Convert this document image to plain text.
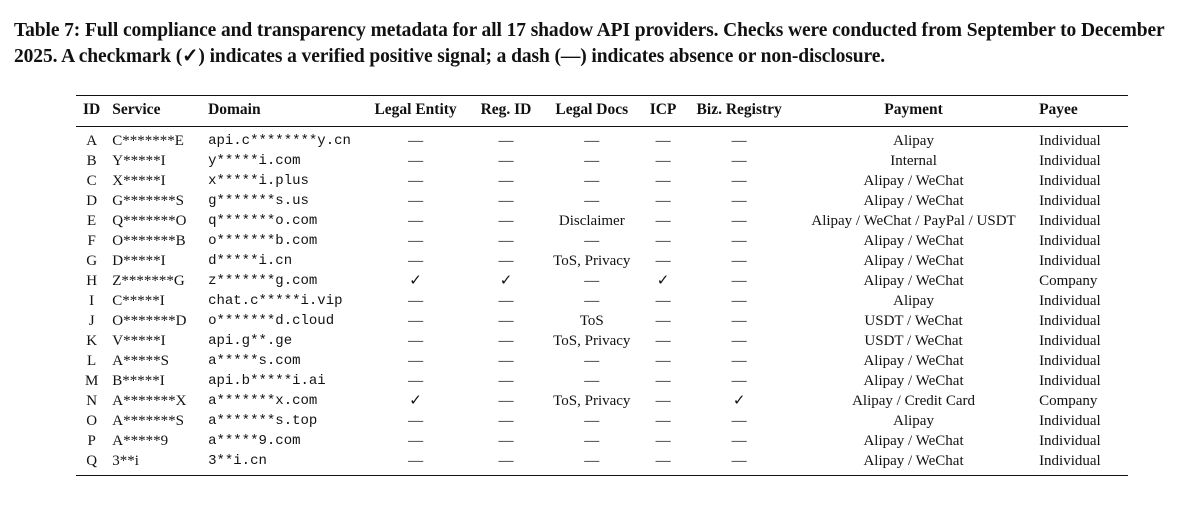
Table 7: Full compliance and transparency metadata for all 17 shadow API providers. Checks were conducted from September to December 2025. A checkmark (✓) indicates a verified positive signal; a dash (—) indicates absence or non-disclosure.
ID	Service	Domain	Legal Entity	Reg. ID	Legal Docs	ICP	Biz. Registry	Payment	Payee
A	C*******E	api.c********y.cn	—	—	—	—	—	Alipay	Individual
B	Y*****I	y*****i.com	—	—	—	—	—	Internal	Individual
C	X*****I	x*****i.plus	—	—	—	—	—	Alipay / WeChat	Individual
D	G*******S	g*******s.us	—	—	—	—	—	Alipay / WeChat	Individual
E	Q*******O	q*******o.com	—	—	Disclaimer	—	—	Alipay / WeChat / PayPal / USDT	Individual
F	O*******B	o*******b.com	—	—	—	—	—	Alipay / WeChat	Individual
G	D*****I	d*****i.cn	—	—	ToS, Privacy	—	—	Alipay / WeChat	Individual
H	Z*******G	z*******g.com	✓	✓	—	✓	—	Alipay / WeChat	Company
I	C*****I	chat.c*****i.vip	—	—	—	—	—	Alipay	Individual
J	O*******D	o*******d.cloud	—	—	ToS	—	—	USDT / WeChat	Individual
K	V*****I	api.g**.ge	—	—	ToS, Privacy	—	—	USDT / WeChat	Individual
L	A*****S	a*****s.com	—	—	—	—	—	Alipay / WeChat	Individual
M	B*****I	api.b*****i.ai	—	—	—	—	—	Alipay / WeChat	Individual
N	A*******X	a*******x.com	✓	—	ToS, Privacy	—	✓	Alipay / Credit Card	Company
O	A*******S	a*******s.top	—	—	—	—	—	Alipay	Individual
P	A*****9	a*****9.com	—	—	—	—	—	Alipay / WeChat	Individual
Q	3**i	3**i.cn	—	—	—	—	—	Alipay / WeChat	Individual
